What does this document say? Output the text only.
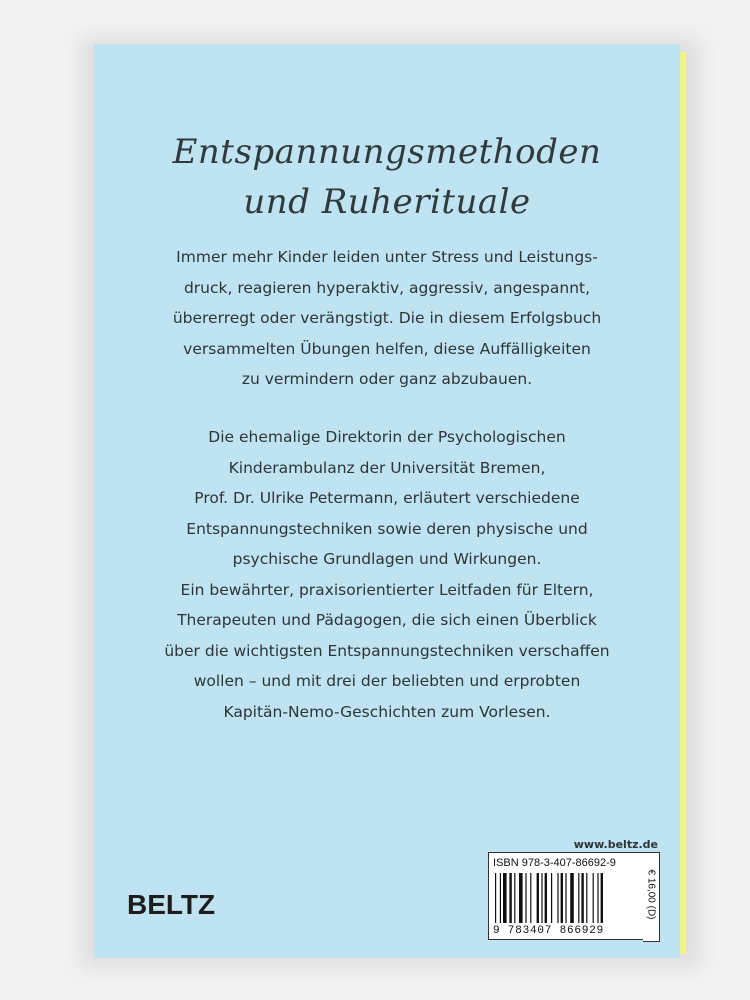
Entspannungsmethoden
und Ruherituale
Immer mehr Kinder leiden unter Stress und Leistungs-
druck, reagieren hyperaktiv, aggressiv, angespannt,
übererregt oder verängstigt. Die in diesem Erfolgsbuch
versammelten Übungen helfen, diese Auffälligkeiten
zu vermindern oder ganz abzubauen.
Die ehemalige Direktorin der Psychologischen
Kinderambulanz der Universität Bremen,
Prof. Dr. Ulrike Petermann, erläutert verschiedene
Entspannungstechniken sowie deren physische und
psychische Grundlagen und Wirkungen.
Ein bewährter, praxisorientierter Leitfaden für Eltern,
Therapeuten und Pädagogen, die sich einen Überblick
über die wichtigsten Entspannungstechniken verschaffen
wollen – und mit drei der beliebten und erprobten
Kapitän-Nemo-Geschichten zum Vorlesen.
www.beltz.de
ISBN 978-3-407-86692-9
9 783407 866929
€ 16,00 (D)
BELTZ
